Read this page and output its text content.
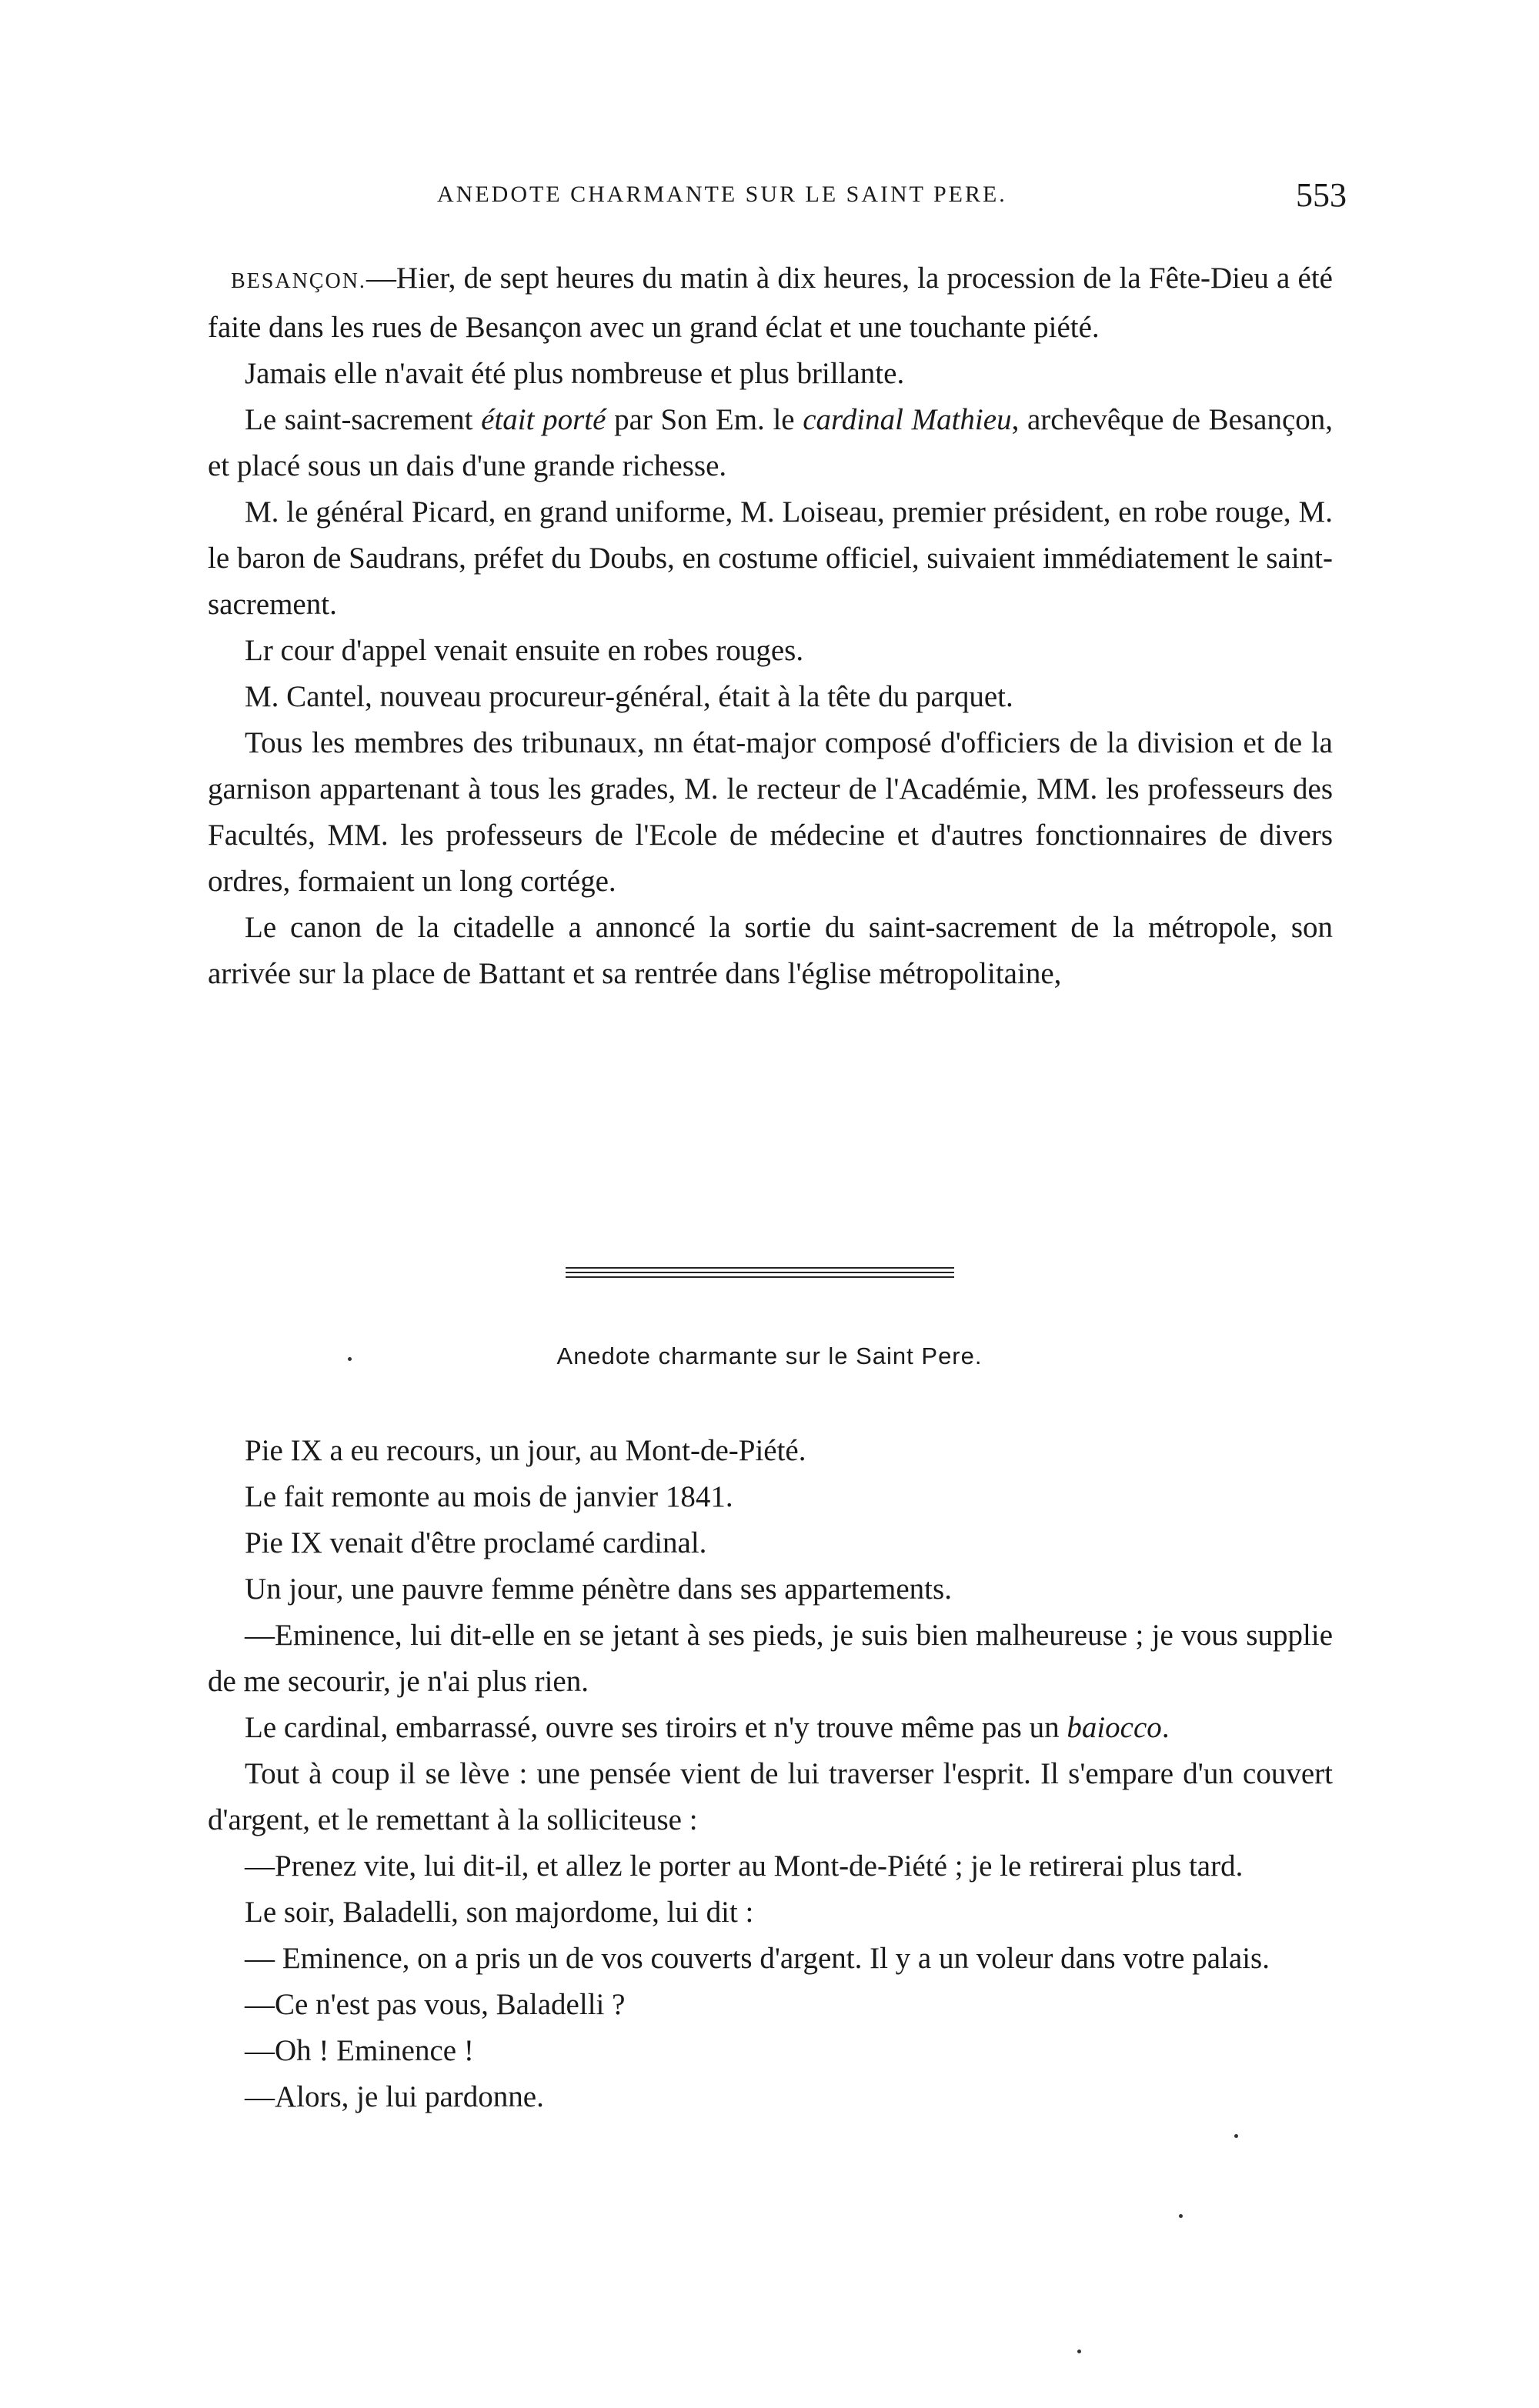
ANEDOTE CHARMANTE SUR LE SAINT PERE.	553

BESANÇON.—Hier, de sept heures du matin à dix heures, la procession de la Fête-Dieu a été faite dans les rues de Besançon avec un grand éclat et une touchante piété.

Jamais elle n'avait été plus nombreuse et plus brillante.

Le saint-sacrement était porté par Son Em. le cardinal Mathieu, archevêque de Besançon, et placé sous un dais d'une grande richesse.

M. le général Picard, en grand uniforme, M. Loiseau, premier président, en robe rouge, M. le baron de Saudrans, préfet du Doubs, en costume officiel, suivaient immédiatement le saint-sacrement.

Lr cour d'appel venait ensuite en robes rouges.

M. Cantel, nouveau procureur-général, était à la tête du parquet.

Tous les membres des tribunaux, nn état-major composé d'officiers de la division et de la garnison appartenant à tous les grades, M. le recteur de l'Académie, MM. les professeurs des Facultés, MM. les professeurs de l'Ecole de médecine et d'autres fonctionnaires de divers ordres, formaient un long cortége.

Le canon de la citadelle a annoncé la sortie du saint-sacrement de la métropole, son arrivée sur la place de Battant et sa rentrée dans l'église métropolitaine,

Anedote charmante sur le Saint Pere.

Pie IX a eu recours, un jour, au Mont-de-Piété.

Le fait remonte au mois de janvier 1841.

Pie IX venait d'être proclamé cardinal.

Un jour, une pauvre femme pénètre dans ses appartements.

—Eminence, lui dit-elle en se jetant à ses pieds, je suis bien malheureuse ; je vous supplie de me secourir, je n'ai plus rien.

Le cardinal, embarrassé, ouvre ses tiroirs et n'y trouve même pas un baiocco.

Tout à coup il se lève : une pensée vient de lui traverser l'esprit. Il s'empare d'un couvert d'argent, et le remettant à la solliciteuse :

—Prenez vite, lui dit-il, et allez le porter au Mont-de-Piété ; je le retirerai plus tard.

Le soir, Baladelli, son majordome, lui dit :

— Eminence, on a pris un de vos couverts d'argent. Il y a un voleur dans votre palais.

—Ce n'est pas vous, Baladelli ?

—Oh ! Eminence !

—Alors, je lui pardonne.
